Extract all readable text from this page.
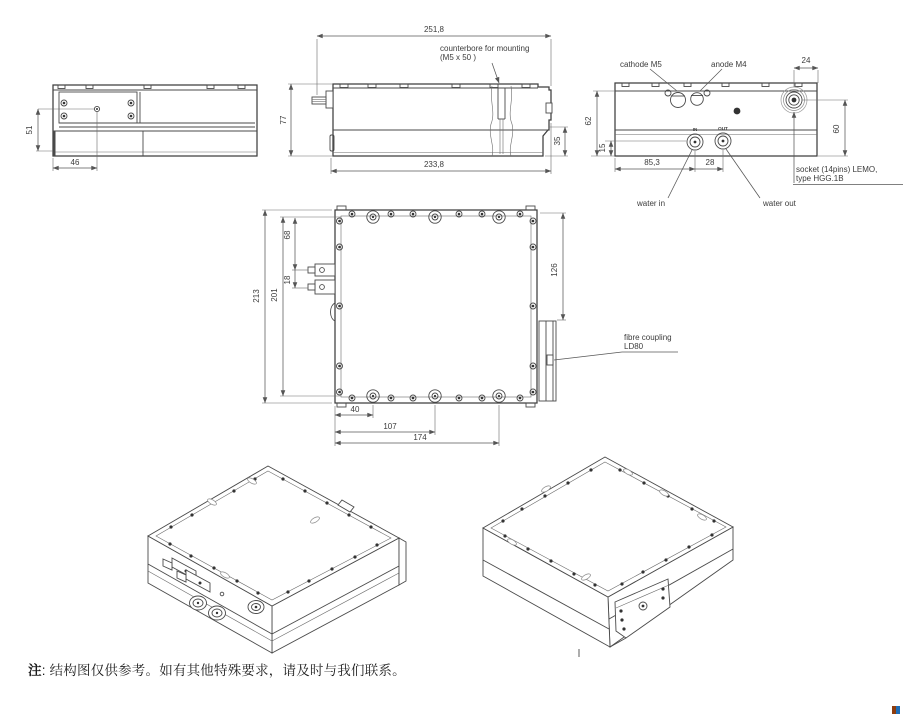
51
46
251,8
counterbore for mounting
(M5 x 50 )
77
35
233,8
IN	OUT
cathode M5	anode M4	24
62
15
85,3	28
60
socket (14pins) LEMO,
type HGG.1B
water in	water out
213 201
68
18
126
40
107
174
fibre coupling
LD80
注: 结构图仅供参考。如有其他特殊要求，请及时与我们联系。
